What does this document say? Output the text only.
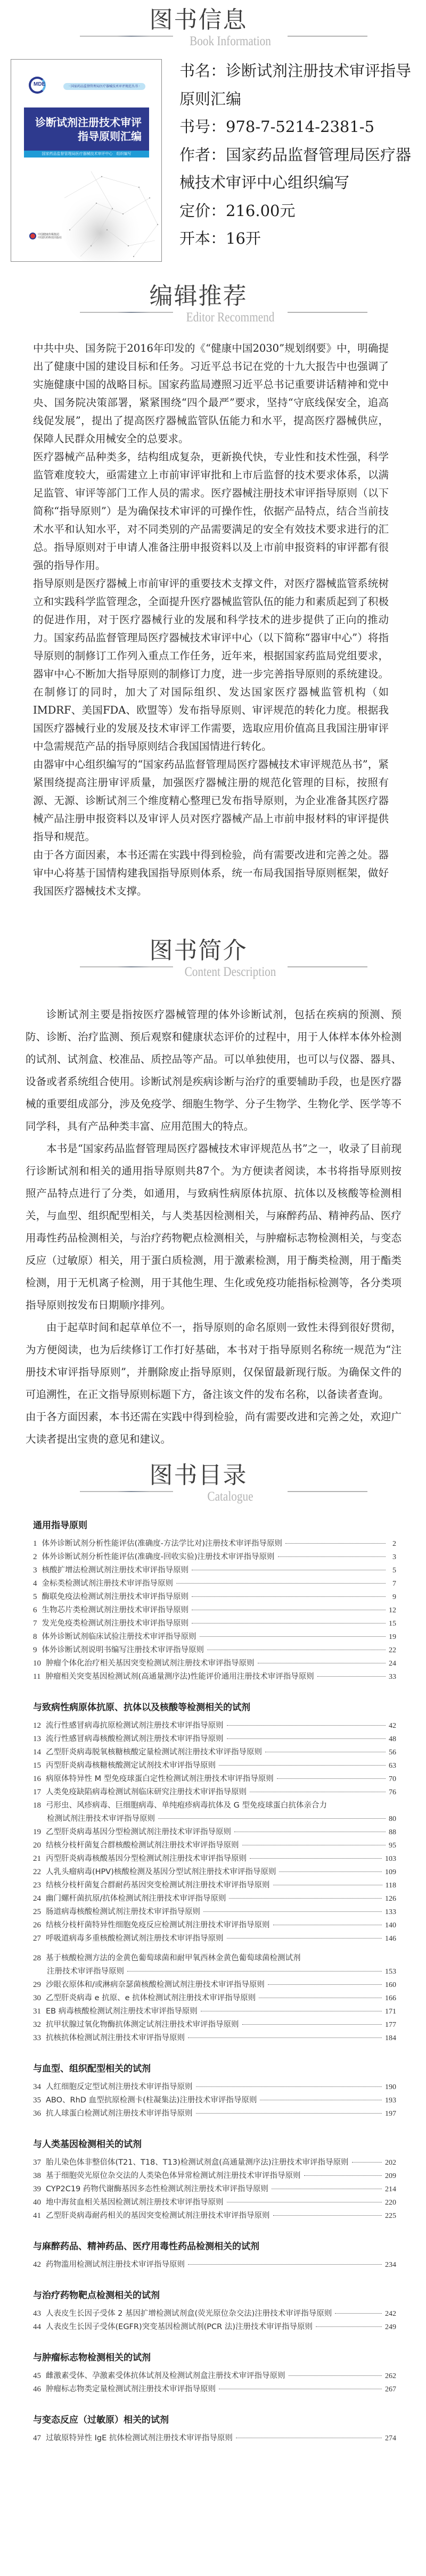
图书信息
Book Information
MDE	· 国家药品监督管理局医疗器械技术审评规范丛书 ·
诊断试剂注册技术审评
指导原则汇编
国家药品监督管理局医疗器械技术审评中心　组织编写
中国健康传媒集团
中国医药科技出版社
书名：诊断试剂注册技术审评指导原则汇编
书号：978-7-5214-2381-5
作者：国家药品监督管理局医疗器械技术审评中心组织编写
定价：216.00元
开本：16开
编辑推荐
Editor Recommend

中共中央、国务院于2016年印发的《“健康中国2030”规划纲要》中，明确提出了健康中国的建设目标和任务。习近平总书记在党的十九大报告中也强调了实施健康中国的战略目标。国家药监局遵照习近平总书记重要讲话精神和党中央、国务院决策部署，紧紧围绕“四个最严”要求，坚持“守底线保安全，追高线促发展”，提出了提高医疗器械监管队伍能力和水平，提高医疗器械供应，保障人民群众用械安全的总要求。

医疗器械产品种类多，结构组成复杂，更新换代快，专业性和技术性强，科学监管难度较大，亟需建立上市前审评审批和上市后监督的技术要求体系，以满足监管、审评等部门工作人员的需求。医疗器械注册技术审评指导原则（以下简称“指导原则”）是为确保技术审评的可操作性，依据产品特点，结合当前技术水平和认知水平，对不同类别的产品需要满足的安全有效技术要求进行的汇总。指导原则对于申请人准备注册申报资料以及上市前申报资料的审评都有很强的指导作用。

指导原则是医疗器械上市前审评的重要技术支撑文件，对医疗器械监管系统树立和实践科学监管理念，全面提升医疗器械监管队伍的能力和素质起到了积极的促进作用，对于医疗器械行业的发展和科学技术的进步提供了正向的推动力。国家药品监督管理局医疗器械技术审评中心（以下简称“器审中心”）将指导原则的制修订工作列入重点工作任务，近年来，根据国家药监局党组要求，器审中心不断加大指导原则的制修订力度，进一步完善指导原则的系统建设。在制修订的同时，加大了对国际组织、发达国家医疗器械监管机构（如IMDRF、美国FDA、欧盟等）发布指导原则、审评规范的转化力度。根据我国医疗器械行业的发展及技术审评工作需要，选取应用价值高且我国注册审评中急需规范产品的指导原则结合我国国情进行转化。

由器审中心组织编写的“国家药品监督管理局医疗器械技术审评规范丛书”，紧紧围绕提高注册审评质量，加强医疗器械注册的规范化管理的目标，按照有源、无源、诊断试剂三个维度精心整理已发布指导原则，为企业准备其医疗器械产品注册申报资料以及审评人员对医疗器械产品上市前申报材料的审评提供指导和规范。

由于各方面因素，本书还需在实践中得到检验，尚有需要改进和完善之处。器审中心将基于国情构建我国指导原则体系，统一布局我国指导原则框架，做好我国医疗器械技术支撑。

图书简介
Content Description

诊断试剂主要是指按医疗器械管理的体外诊断试剂，包括在疾病的预测、预防、诊断、治疗监测、预后观察和健康状态评价的过程中，用于人体样本体外检测的试剂、试剂盒、校准品、质控品等产品。可以单独使用，也可以与仪器、器具、设备或者系统组合使用。诊断试剂是疾病诊断与治疗的重要辅助手段，也是医疗器械的重要组成部分，涉及免疫学、细胞生物学、分子生物学、生物化学、医学等不同学科，具有产品种类丰富、应用范围大的特点。

本书是“国家药品监督管理局医疗器械技术审评规范丛书”之一，收录了目前现行诊断试剂和相关的通用指导原则共87个。为方便读者阅读，本书将指导原则按照产品特点进行了分类，如通用，与致病性病原体抗原、抗体以及核酸等检测相关，与血型、组织配型相关，与人类基因检测相关，与麻醉药品、精神药品、医疗用毒性药品检测相关，与治疗药物靶点检测相关，与肿瘤标志物检测相关，与变态反应（过敏原）相关，用于蛋白质检测，用于激素检测，用于酶类检测，用于酯类检测，用于无机离子检测，用于其他生理、生化或免疫功能指标检测等，各分类项指导原则按发布日期顺序排列。

由于起草时间和起草单位不一，指导原则的命名原则一致性未得到很好贯彻，为方便阅读，也为后续修订工作打好基础，本书对于指导原则名称统一规范为“注册技术审评指导原则”，并删除废止指导原则，仅保留最新现行版。为确保文件的可追溯性，在正文指导原则标题下方，备注该文件的发布名称，以备读者查询。

由于各方面因素，本书还需在实践中得到检验，尚有需要改进和完善之处，欢迎广大读者提出宝贵的意见和建议。

图书目录
Catalogue
通用指导原则
1 体外诊断试剂分析性能评估(准确度-方法学比对)注册技术审评指导原则	2
2 体外诊断试剂分析性能评估(准确度-回收实验)注册技术审评指导原则	3
3 核酸扩增法检测试剂注册技术审评指导原则	5
4 金标类检测试剂注册技术审评指导原则	7
5 酶联免疫法检测试剂注册技术审评指导原则	9
6 生物芯片类检测试剂注册技术审评指导原则	12
7 发光免疫类检测试剂注册技术审评指导原则	15
8 体外诊断试剂临床试验注册技术审评指导原则	19
9 体外诊断试剂说明书编写注册技术审评指导原则	22
10 肿瘤个体化治疗相关基因突变检测试剂注册技术审评指导原则	24
11 肿瘤相关突变基因检测试剂(高通量测序法)性能评价通用注册技术审评指导原则	33
与致病性病原体抗原、抗体以及核酸等检测相关的试剂
12 流行性感冒病毒抗原检测试剂注册技术审评指导原则	42
13 流行性感冒病毒核酸检测试剂注册技术审评指导原则	48
14 乙型肝炎病毒脱氧核糖核酸定量检测试剂注册技术审评指导原则	56
15 丙型肝炎病毒核糖核酸测定试剂技术审评指导原则	63
16 病原体特异性 M 型免疫球蛋白定性检测试剂注册技术审评指导原则	70
17 人类免疫缺陷病毒检测试剂临床研究注册技术审评指导原则	76
18 弓形虫、风疹病毒、巨细胞病毒、单纯疱疹病毒抗体及 G 型免疫球蛋白抗体亲合力
检测试剂注册技术审评指导原则	80
19 乙型肝炎病毒基因分型检测试剂注册技术审评指导原则	88
20 结核分枝杆菌复合群核酸检测试剂注册技术审评指导原则	95
21 丙型肝炎病毒核酸基因分型检测试剂注册技术审评指导原则	103
22 人乳头瘤病毒(HPV)核酸检测及基因分型试剂注册技术审评指导原则	109
23 结核分枝杆菌复合群耐药基因突变检测试剂注册技术审评指导原则	118
24 幽门螺杆菌抗原/抗体检测试剂注册技术审评指导原则	126
25 肠道病毒核酸检测试剂注册技术审评指导原则	133
26 结核分枝杆菌特异性细胞免疫反应检测试剂注册技术审评指导原则	140
27 呼吸道病毒多重核酸检测试剂注册技术审评指导原则	146
28 基于核酸检测方法的金黄色葡萄球菌和耐甲氧西林金黄色葡萄球菌检测试剂
注册技术审评指导原则	153
29 沙眼衣原体和/或淋病奈瑟菌核酸检测试剂注册技术审评指导原则	160
30 乙型肝炎病毒 e 抗原、e 抗体检测试剂注册技术审评指导原则	166
31 EB 病毒核酸检测试剂注册技术审评指导原则	171
32 抗甲状腺过氧化物酶抗体测定试剂注册技术审评指导原则	177
33 抗核抗体检测试剂注册技术审评指导原则	184
与血型、组织配型相关的试剂
34 人红细胞反定型试剂注册技术审评指导原则	190
35 ABO、RhD 血型抗原检测卡(柱凝集法)注册技术审评指导原则	193
36 抗人球蛋白检测试剂注册技术审评指导原则	197
与人类基因检测相关的试剂
37 胎儿染色体非整倍体(T21、T18、T13)检测试剂盒(高通量测序法)注册技术审评指导原则	202
38 基于细胞荧光原位杂交法的人类染色体异常检测试剂注册技术审评指导原则	209
39 CYP2C19 药物代谢酶基因多态性检测试剂注册技术审评指导原则	214
40 地中海贫血相关基因检测试剂注册技术审评指导原则	220
41 乙型肝炎病毒耐药相关的基因突变检测试剂注册技术审评指导原则	225
与麻醉药品、精神药品、医疗用毒性药品检测相关的试剂
42 药物滥用检测试剂注册技术审评指导原则	234
与治疗药物靶点检测相关的试剂
43 人表皮生长因子受体 2 基因扩增检测试剂盒(荧光原位杂交法)注册技术审评指导原则	242
44 人表皮生长因子受体(EGFR)突变基因检测试剂(PCR 法)注册技术审评指导原则	249
与肿瘤标志物检测相关的试剂
45 雌激素受体、孕激素受体抗体试剂及检测试剂盒注册技术审评指导原则	262
46 肿瘤标志物类定量检测试剂注册技术审评指导原则	267
与变态反应（过敏原）相关的试剂
47 过敏原特异性 IgE 抗体检测试剂注册技术审评指导原则	274
